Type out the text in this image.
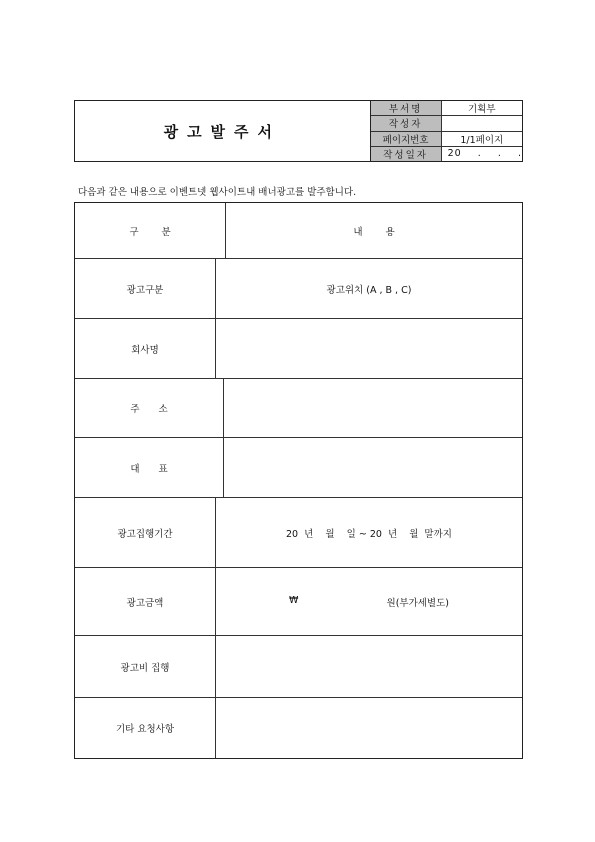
광고발주서
부서명	기획부
작성자
페이지번호	1/1페이지
작성일자	20    .    .    .
다음과 같은 내용으로 이벤트넷 웹사이트내 배너광고를 발주합니다.
구 분	내 용
광고구분	광고위치 (A , B , C)
회사명
주 소
대 표
광고집행기간	20  년    월    일 ~ 20  년    월  말까지
광고금액	₩	원(부가세별도)
광고비 집행
기타 요청사항
